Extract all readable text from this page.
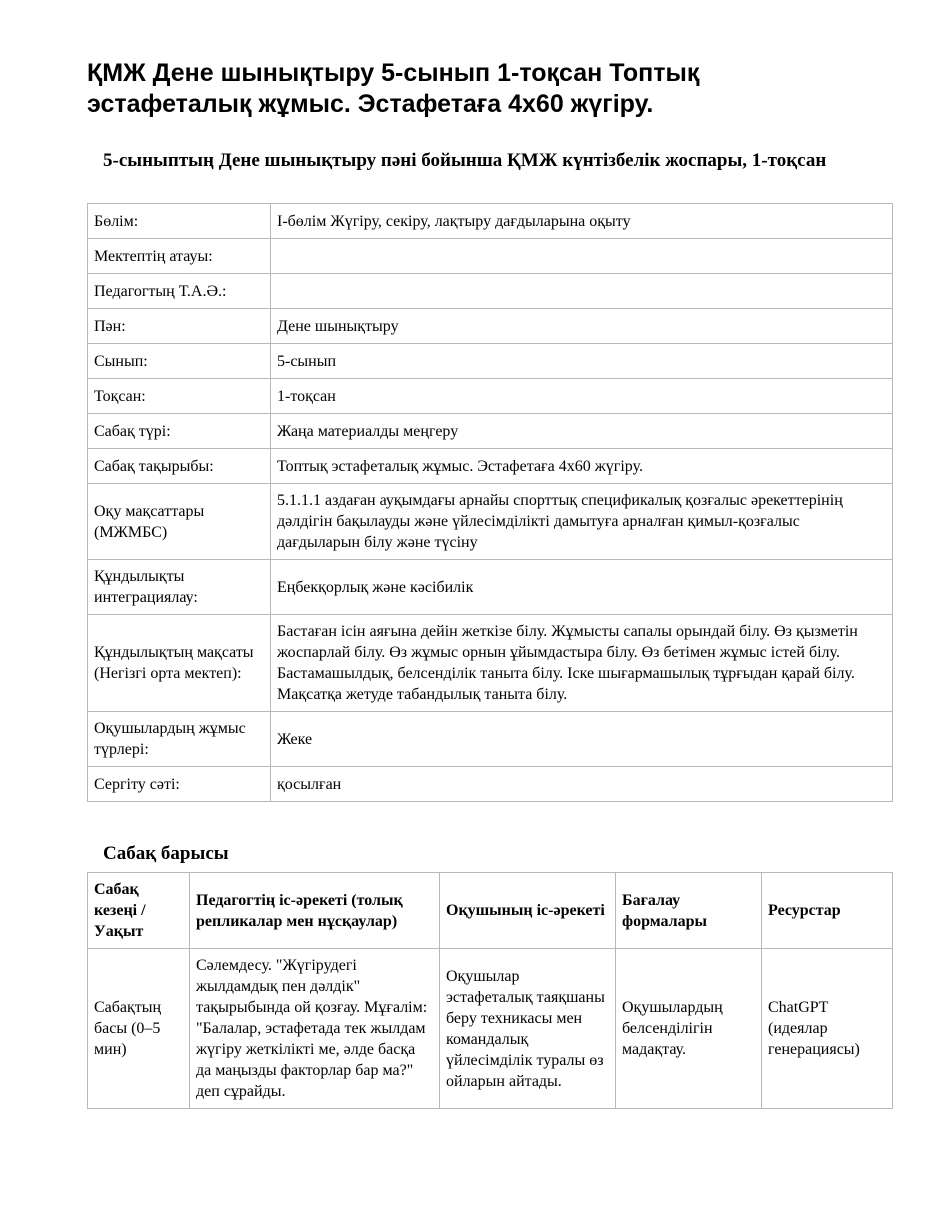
ҚМЖ Дене шынықтыру 5-сынып 1-тоқсан Топтық эстафеталық жұмыс. Эстафетаға 4х60 жүгіру.
5-сыныптың Дене шынықтыру пәні бойынша ҚМЖ күнтізбелік жоспары, 1-тоқсан
Бөлім:	І-бөлім Жүгіру, секіру, лақтыру дағдыларына оқыту
Мектептің атауы:	
Педагогтың Т.А.Ә.:	
Пән:	Дене шынықтыру
Сынып:	5-сынып
Тоқсан:	1-тоқсан
Сабақ түрі:	Жаңа материалды меңгеру
Сабақ тақырыбы:	Топтық эстафеталық жұмыс. Эстафетаға 4х60 жүгіру.
Оқу мақсаттары (МЖМБС)	5.1.1.1 аздаған ауқымдағы арнайы спорттық спецификалық қозғалыс әрекеттерінің дәлдігін бақылауды және үйлесімділікті дамытуға арналған қимыл-қозғалыс дағдыларын білу және түсіну
Құндылықты интеграциялау:	Еңбекқорлық және кәсібилік
Құндылықтың мақсаты (Негізгі орта мектеп):	Бастаған ісін аяғына дейін жеткізе білу. Жұмысты сапалы орындай білу. Өз қызметін жоспарлай білу. Өз жұмыс орнын ұйымдастыра білу. Өз бетімен жұмыс істей білу. Бастамашылдық, белсенділік таныта білу. Іске шығармашылық тұрғыдан қарай білу. Мақсатқа жетуде табандылық таныта білу.
Оқушылардың жұмыс түрлері:	Жеке
Сергіту сәті:	қосылған
Сабақ барысы
Сабақ кезеңі / Уақыт	Педагогтің іс-әрекеті (толық репликалар мен нұсқаулар)	Оқушының іс-әрекеті	Бағалау формалары	Ресурстар
Сабақтың басы (0–5 мин)	Сәлемдесу. "Жүгірудегі жылдамдық пен дәлдік" тақырыбында ой қозғау. Мұғалім: "Балалар, эстафетада тек жылдам жүгіру жеткілікті ме, әлде басқа да маңызды факторлар бар ма?" деп сұрайды.	Оқушылар эстафеталық таяқшаны беру техникасы мен командалық үйлесімділік туралы өз ойларын айтады.	Оқушылардың белсенділігін мадақтау.	ChatGPT (идеялар генерациясы)
